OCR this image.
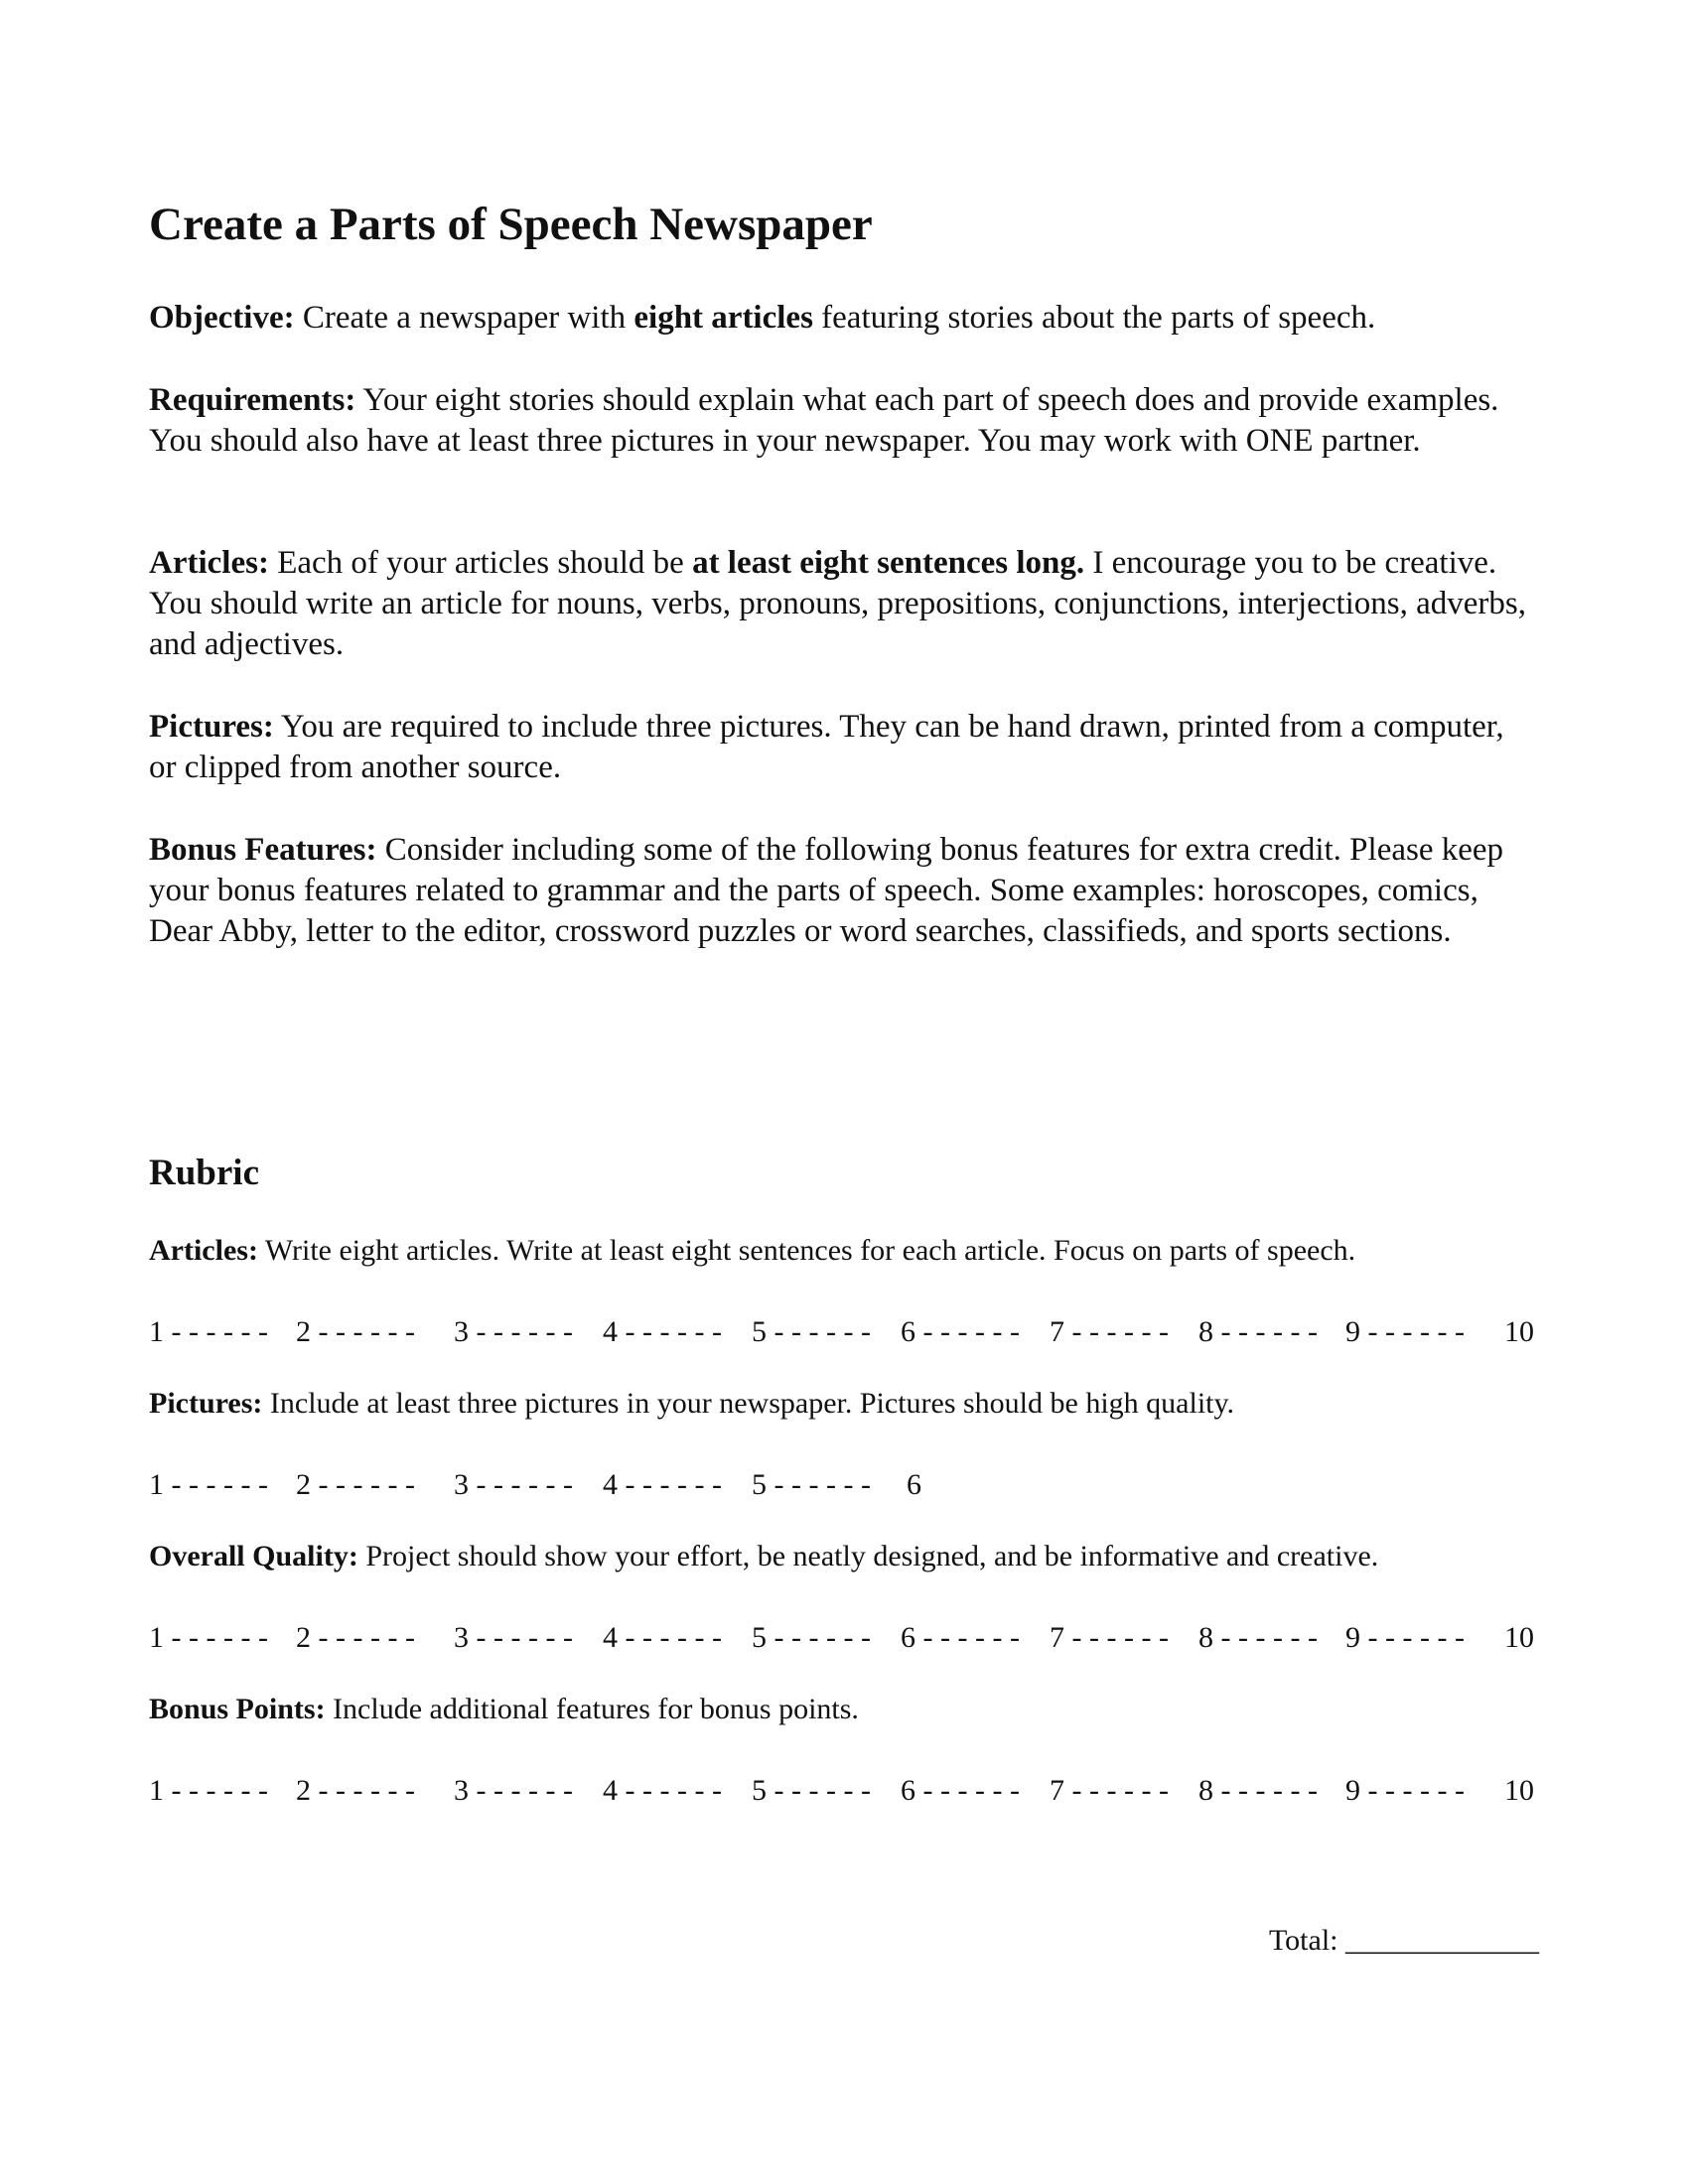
Create a Parts of Speech Newspaper

Objective: Create a newspaper with eight articles featuring stories about the parts of speech.

Requirements: Your eight stories should explain what each part of speech does and provide examples. You should also have at least three pictures in your newspaper. You may work with ONE partner.

Articles: Each of your articles should be at least eight sentences long. I encourage you to be creative. You should write an article for nouns, verbs, pronouns, prepositions, conjunctions, interjections, adverbs, and adjectives.

Pictures: You are required to include three pictures. They can be hand drawn, printed from a computer, or clipped from another source.

Bonus Features: Consider including some of the following bonus features for extra credit. Please keep your bonus features related to grammar and the parts of speech. Some examples: horoscopes, comics, Dear Abby, letter to the editor, crossword puzzles or word searches, classifieds, and sports sections.

Rubric

Articles: Write eight articles. Write at least eight sentences for each article. Focus on parts of speech.

1 - - - - - - 2 - - - - - - 3 - - - - - - 4 - - - - - - 5 - - - - - - 6 - - - - - - 7 - - - - - - 8 - - - - - - 9 - - - - - - 10

Pictures: Include at least three pictures in your newspaper. Pictures should be high quality.

1 - - - - - - 2 - - - - - - 3 - - - - - - 4 - - - - - - 5 - - - - - - 6

Overall Quality: Project should show your effort, be neatly designed, and be informative and creative.

1 - - - - - - 2 - - - - - - 3 - - - - - - 4 - - - - - - 5 - - - - - - 6 - - - - - - 7 - - - - - - 8 - - - - - - 9 - - - - - - 10

Bonus Points: Include additional features for bonus points.

1 - - - - - - 2 - - - - - - 3 - - - - - - 4 - - - - - - 5 - - - - - - 6 - - - - - - 7 - - - - - - 8 - - - - - - 9 - - - - - - 10
Total: _____________
